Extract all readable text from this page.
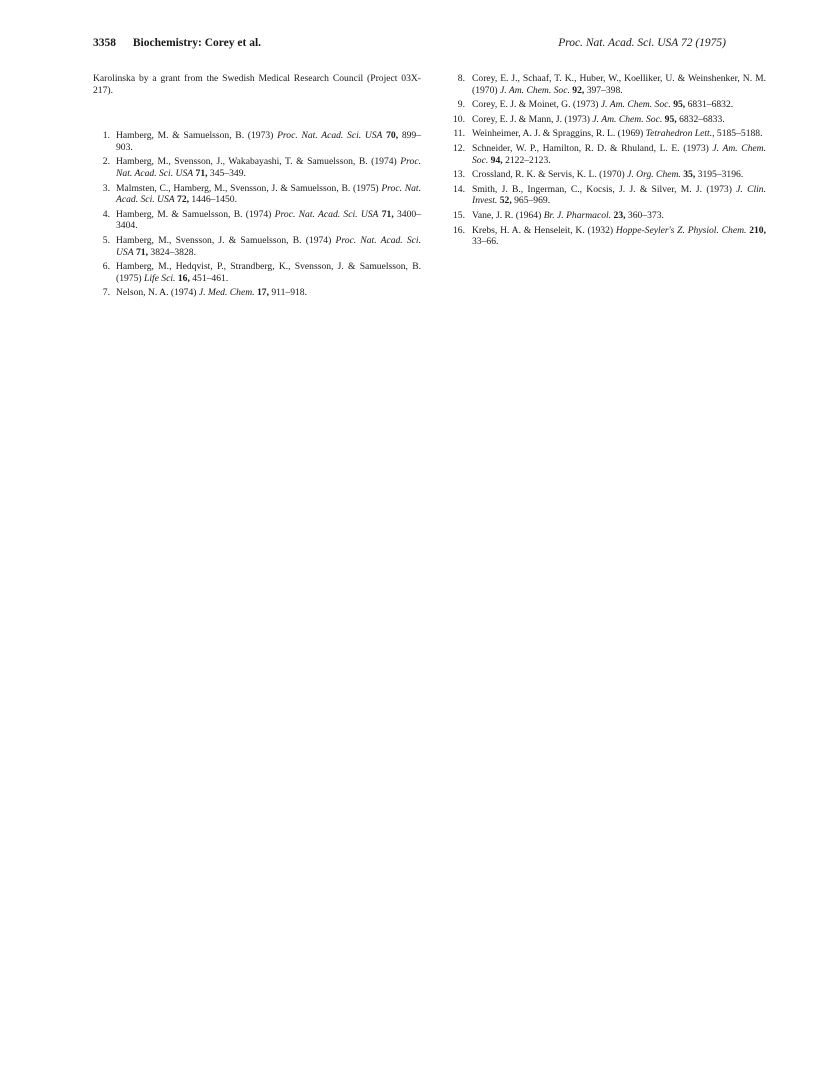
3358 Biochemistry: Corey et al.	Proc. Nat. Acad. Sci. USA 72 (1975)

Karolinska by a grant from the Swedish Medical Research Council (Project 03X-217).

1. Hamberg, M. & Samuelsson, B. (1973) Proc. Nat. Acad. Sci. USA 70, 899–903.
2. Hamberg, M., Svensson, J., Wakabayashi, T. & Samuelsson, B. (1974) Proc. Nat. Acad. Sci. USA 71, 345–349.
3. Malmsten, C., Hamberg, M., Svensson, J. & Samuelsson, B. (1975) Proc. Nat. Acad. Sci. USA 72, 1446–1450.
4. Hamberg, M. & Samuelsson, B. (1974) Proc. Nat. Acad. Sci. USA 71, 3400–3404.
5. Hamberg, M., Svensson, J. & Samuelsson, B. (1974) Proc. Nat. Acad. Sci. USA 71, 3824–3828.
6. Hamberg, M., Hedqvist, P., Strandberg, K., Svensson, J. & Samuelsson, B. (1975) Life Sci. 16, 451–461.
7. Nelson, N. A. (1974) J. Med. Chem. 17, 911–918.
8. Corey, E. J., Schaaf, T. K., Huber, W., Koelliker, U. & Weinshenker, N. M. (1970) J. Am. Chem. Soc. 92, 397–398.
9. Corey, E. J. & Moinet, G. (1973) J. Am. Chem. Soc. 95, 6831–6832.
10. Corey, E. J. & Mann, J. (1973) J. Am. Chem. Soc. 95, 6832–6833.
11. Weinheimer, A. J. & Spraggins, R. L. (1969) Tetrahedron Lett., 5185–5188.
12. Schneider, W. P., Hamilton, R. D. & Rhuland, L. E. (1973) J. Am. Chem. Soc. 94, 2122–2123.
13. Crossland, R. K. & Servis, K. L. (1970) J. Org. Chem. 35, 3195–3196.
14. Smith, J. B., Ingerman, C., Kocsis, J. J. & Silver, M. J. (1973) J. Clin. Invest. 52, 965–969.
15. Vane, J. R. (1964) Br. J. Pharmacol. 23, 360–373.
16. Krebs, H. A. & Henseleit, K. (1932) Hoppe-Seyler's Z. Physiol. Chem. 210, 33–66.
